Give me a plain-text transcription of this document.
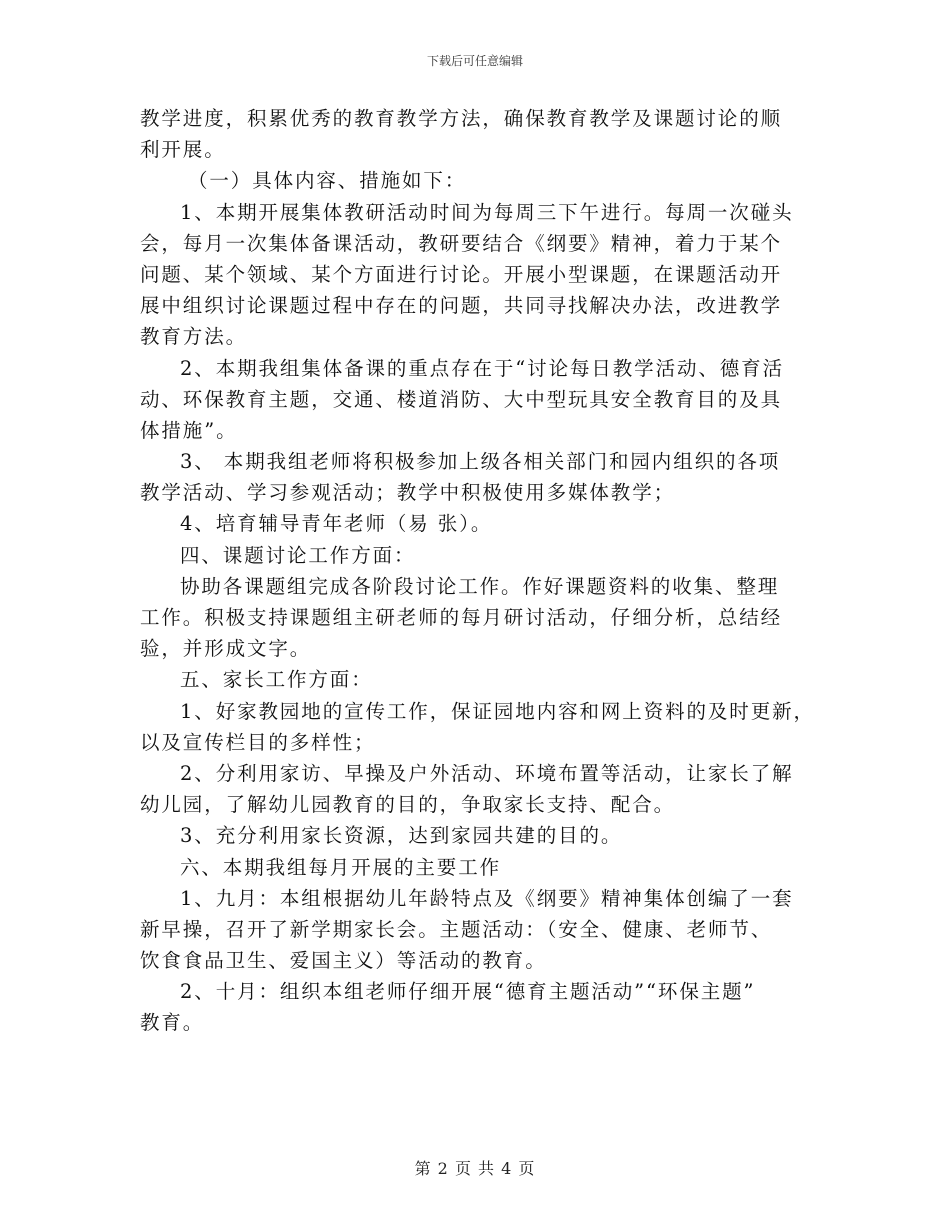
下载后可任意编辑
教学进度，积累优秀的教育教学方法，确保教育教学及课题讨论的顺
利开展。
（一）具体内容、措施如下：
1、本期开展集体教研活动时间为每周三下午进行。每周一次碰头
会，每月一次集体备课活动，教研要结合《纲要》精神，着力于某个
问题、某个领域、某个方面进行讨论。开展小型课题，在课题活动开
展中组织讨论课题过程中存在的问题，共同寻找解决办法，改进教学
教育方法。
2、本期我组集体备课的重点存在于“讨论每日教学活动、德育活
动、环保教育主题，交通、楼道消防、大中型玩具安全教育目的及具
体措施”。
3、 本期我组老师将积极参加上级各相关部门和园内组织的各项
教学活动、学习参观活动；教学中积极使用多媒体教学；
4、培育辅导青年老师（易 张）。
四、课题讨论工作方面：
协助各课题组完成各阶段讨论工作。作好课题资料的收集、整理
工作。积极支持课题组主研老师的每月研讨活动，仔细分析，总结经
验，并形成文字。
五、家长工作方面：
1、好家教园地的宣传工作，保证园地内容和网上资料的及时更新，
以及宣传栏目的多样性；
2、分利用家访、早操及户外活动、环境布置等活动，让家长了解
幼儿园，了解幼儿园教育的目的，争取家长支持、配合。
3、充分利用家长资源，达到家园共建的目的。
六、本期我组每月开展的主要工作
1、九月：本组根据幼儿年龄特点及《纲要》精神集体创编了一套
新早操，召开了新学期家长会。主题活动：（安全、健康、老师节、
饮食食品卫生、爱国主义）等活动的教育。
2、十月：组织本组老师仔细开展“德育主题活动”“环保主题”
教育。
第 2 页 共 4 页
